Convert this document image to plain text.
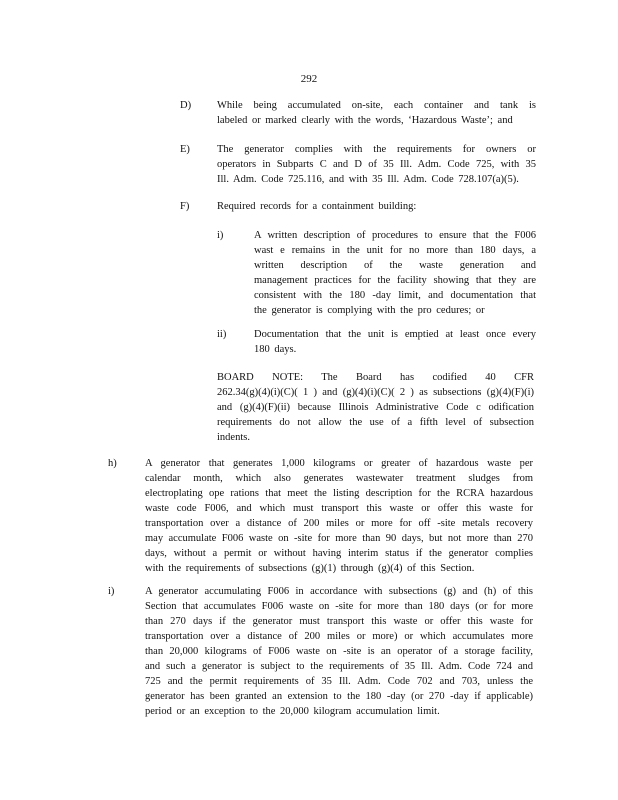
292
D)	While being accumulated on-site, each container and tank is
labeled or marked clearly with the words, ‘Hazardous Waste’; and
E)	The generator complies with the requirements for owners or
operators in Subparts C and D of 35 Ill. Adm. Code 725, with 35
Ill. Adm. Code 725.116, and with 35 Ill. Adm. Code 728.107(a)(5).
F)	Required records for a containment building:
i)	A written description of procedures to ensure that the F006
wast e remains in the unit for no more than 180 days, a
written description of the waste generation and
management practices for the facility showing that they are
consistent with the 180 -day limit, and documentation that
the generator is complying with the pro cedures; or
ii)	Documentation that the unit is emptied at least once every
180 days.
BOARD NOTE: The Board has codified 40 CFR
262.34(g)(4)(i)(C)( 1 ) and (g)(4)(i)(C)( 2 ) as subsections (g)(4)(F)(i)
and (g)(4)(F)(ii) because Illinois Administrative Code c odification
requirements do not allow the use of a fifth level of subsection
indents.
h)	A generator that generates 1,000 kilograms or greater of hazardous waste per
calendar month, which also generates wastewater treatment sludges from
electroplating ope rations that meet the listing description for the RCRA hazardous
waste code F006, and which must transport this waste or offer this waste for
transportation over a distance of 200 miles or more for off -site metals recovery
may accumulate F006 waste on -site for more than 90 days, but not more than 270
days, without a permit or without having interim status if the generator complies
with the requirements of subsections (g)(1) through (g)(4) of this Section.
i)	A generator accumulating F006 in accordance with subsections (g) and (h) of this
Section that accumulates F006 waste on -site for more than 180 days (or for more
than 270 days if the generator must transport this waste or offer this waste for
transportation over a distance of 200 miles or more) or which accumulates more
than 20,000 kilograms of F006 waste on -site is an operator of a storage facility,
and such a generator is subject to the requirements of 35 Ill. Adm. Code 724 and
725 and the permit requirements of 35 Ill. Adm. Code 702 and 703, unless the
generator has been granted an extension to the 180 -day (or 270 -day if applicable)
period or an exception to the 20,000 kilogram accumulation limit.
